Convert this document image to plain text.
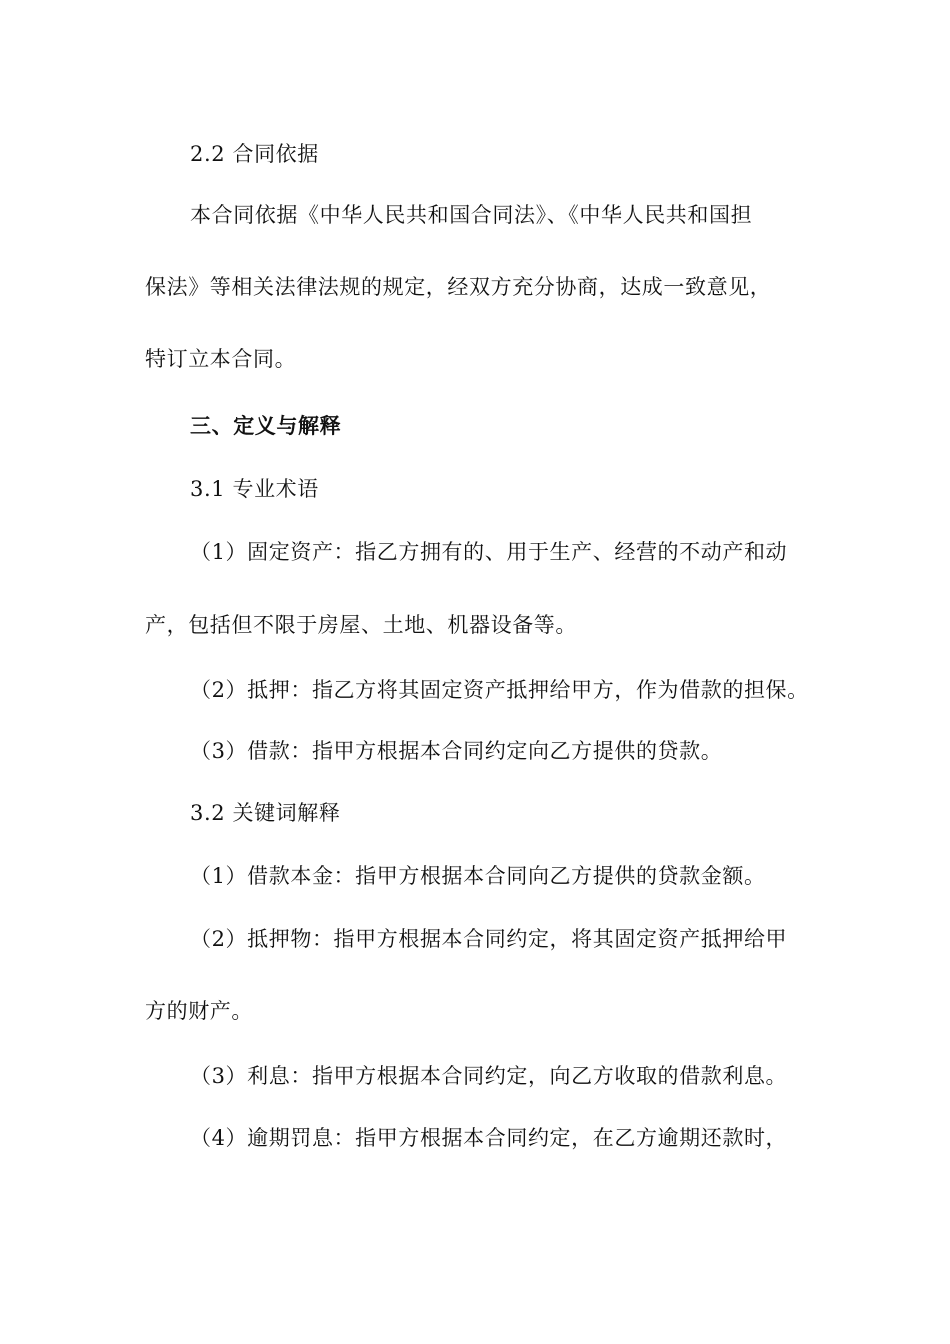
2.2 合同依据
本合同依据《中华人民共和国合同法》、《中华人民共和国担
保法》等相关法律法规的规定，经双方充分协商，达成一致意见，
特订立本合同。
三、定义与解释
3.1 专业术语
（1）固定资产：指乙方拥有的、用于生产、经营的不动产和动
产，包括但不限于房屋、土地、机器设备等。
（2）抵押：指乙方将其固定资产抵押给甲方，作为借款的担保。
（3）借款：指甲方根据本合同约定向乙方提供的贷款。
3.2 关键词解释
（1）借款本金：指甲方根据本合同向乙方提供的贷款金额。
（2）抵押物：指甲方根据本合同约定，将其固定资产抵押给甲
方的财产。
（3）利息：指甲方根据本合同约定，向乙方收取的借款利息。
（4）逾期罚息：指甲方根据本合同约定，在乙方逾期还款时，
